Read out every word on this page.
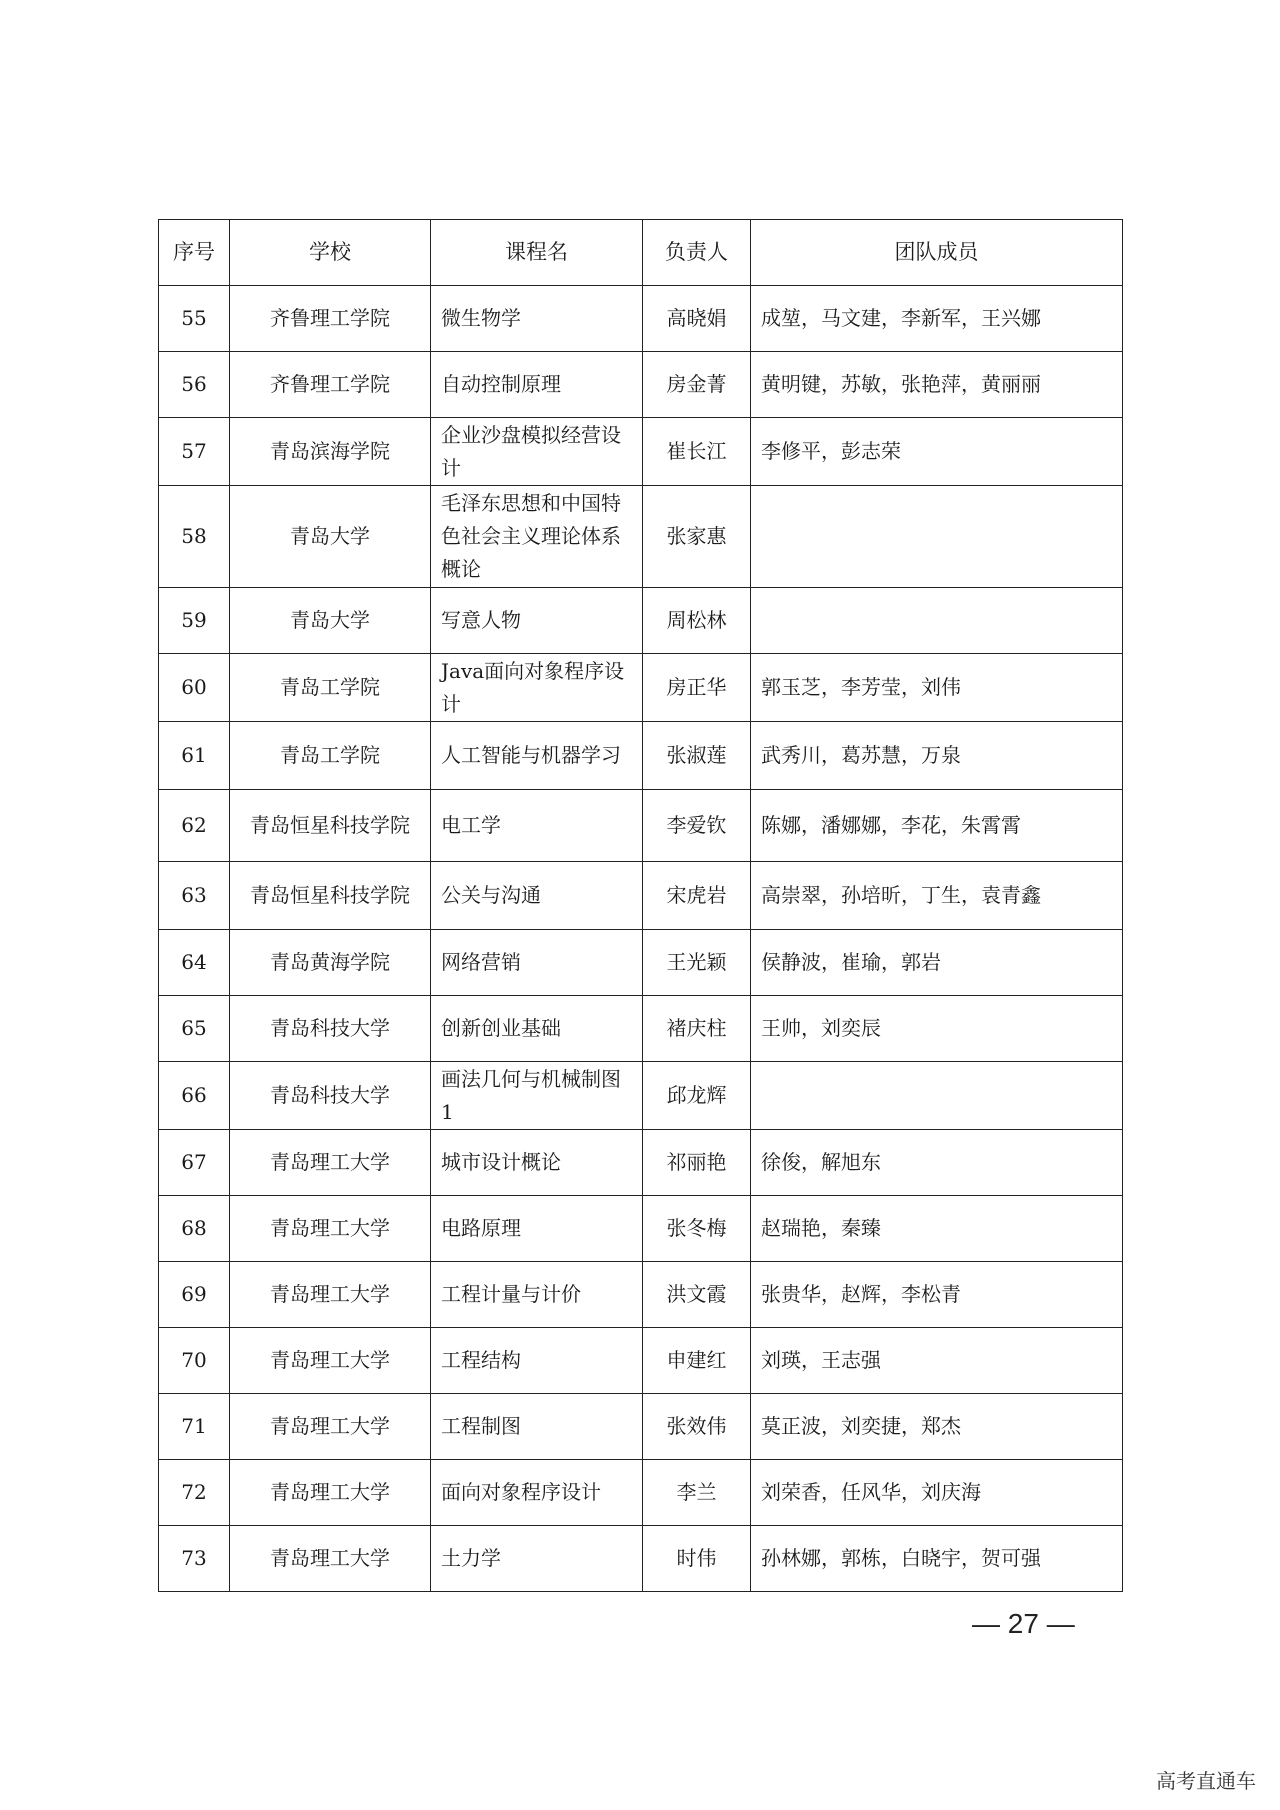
序号	学校	课程名	负责人	团队成员
55	齐鲁理工学院	微生物学	高晓娟	成堃，马文建，李新军，王兴娜
56	齐鲁理工学院	自动控制原理	房金菁	黄明键，苏敏，张艳萍，黄丽丽
57	青岛滨海学院	企业沙盘模拟经营设计	崔长江	李修平，彭志荣
58	青岛大学	毛泽东思想和中国特色社会主义理论体系概论	张家惠	
59	青岛大学	写意人物	周松林	
60	青岛工学院	Java面向对象程序设计	房正华	郭玉芝，李芳莹，刘伟
61	青岛工学院	人工智能与机器学习	张淑莲	武秀川，葛苏慧，万泉
62	青岛恒星科技学院	电工学	李爱钦	陈娜，潘娜娜，李花，朱霄霄
63	青岛恒星科技学院	公关与沟通	宋虎岩	高崇翠，孙培昕，丁生，袁青鑫
64	青岛黄海学院	网络营销	王光颖	侯静波，崔瑜，郭岩
65	青岛科技大学	创新创业基础	褚庆柱	王帅，刘奕辰
66	青岛科技大学	画法几何与机械制图1	邱龙辉	
67	青岛理工大学	城市设计概论	祁丽艳	徐俊，解旭东
68	青岛理工大学	电路原理	张冬梅	赵瑞艳，秦臻
69	青岛理工大学	工程计量与计价	洪文霞	张贵华，赵辉，李松青
70	青岛理工大学	工程结构	申建红	刘瑛，王志强
71	青岛理工大学	工程制图	张效伟	莫正波，刘奕捷，郑杰
72	青岛理工大学	面向对象程序设计	李兰	刘荣香，任风华，刘庆海
73	青岛理工大学	土力学	时伟	孙林娜，郭栋，白晓宇，贺可强
— 27 —
高考直通车
